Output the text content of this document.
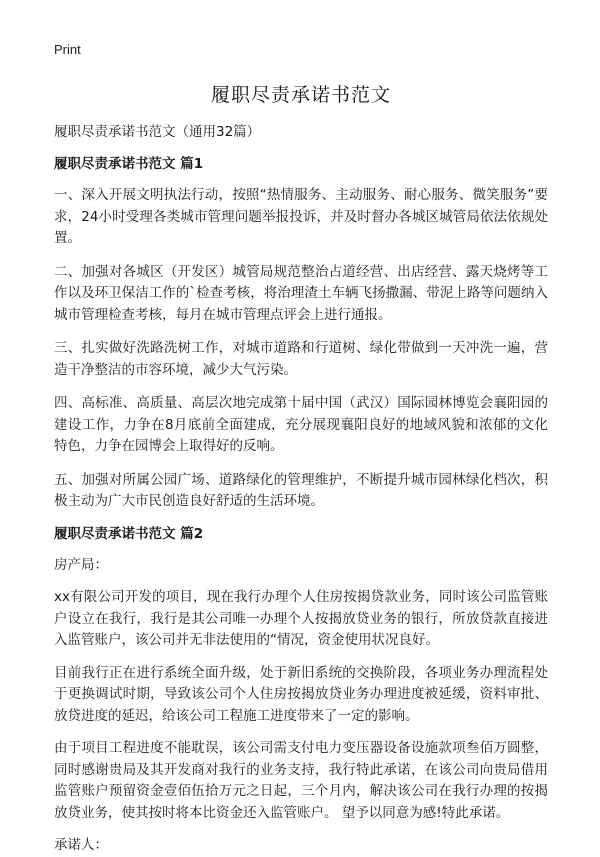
Print
履职尽责承诺书范文

履职尽责承诺书范文（通用32篇）

履职尽责承诺书范文 篇1

一、深入开展文明执法行动，按照“热情服务、主动服务、耐心服务、微笑服务”要求，24小时受理各类城市管理问题举报投诉，并及时督办各城区城管局依法依规处置。

二、加强对各城区（开发区）城管局规范整治占道经营、出店经营、露天烧烤等工作以及环卫保洁工作的`检查考核，将治理渣土车辆飞扬撒漏、带泥上路等问题纳入城市管理检查考核，每月在城市管理点评会上进行通报。

三、扎实做好洗路洗树工作，对城市道路和行道树、绿化带做到一天冲洗一遍，营造干净整洁的市容环境，减少大气污染。

四、高标准、高质量、高层次地完成第十届中国（武汉）国际园林博览会襄阳园的建设工作，力争在8月底前全面建成，充分展现襄阳良好的地域风貌和浓郁的文化特色，力争在园博会上取得好的反响。

五、加强对所属公园广场、道路绿化的管理维护，不断提升城市园林绿化档次，积极主动为广大市民创造良好舒适的生活环境。

履职尽责承诺书范文 篇2

房产局：

xx有限公司开发的项目，现在我行办理个人住房按揭贷款业务，同时该公司监管账户设立在我行，我行是其公司唯一办理个人按揭放贷业务的银行，所放贷款直接进入监管账户，该公司并无非法使用的“情况，资金使用状况良好。

目前我行正在进行系统全面升级，处于新旧系统的交换阶段，各项业务办理流程处于更换调试时期，导致该公司个人住房按揭放贷业务办理进度被延缓，资料审批、放贷进度的延迟，给该公司工程施工进度带来了一定的影响。

由于项目工程进度不能耽误，该公司需支付电力变压器设备设施款项叁佰万圆整，同时感谢贵局及其开发商对我行的业务支持，我行特此承诺，在该公司向贵局借用监管账户预留资金壹佰伍拾万元之日起，三个月内，解决该公司在我行办理的按揭放贷业务，使其按时将本比资金还入监管账户。 望予以同意为感!特此承诺。

承诺人：
